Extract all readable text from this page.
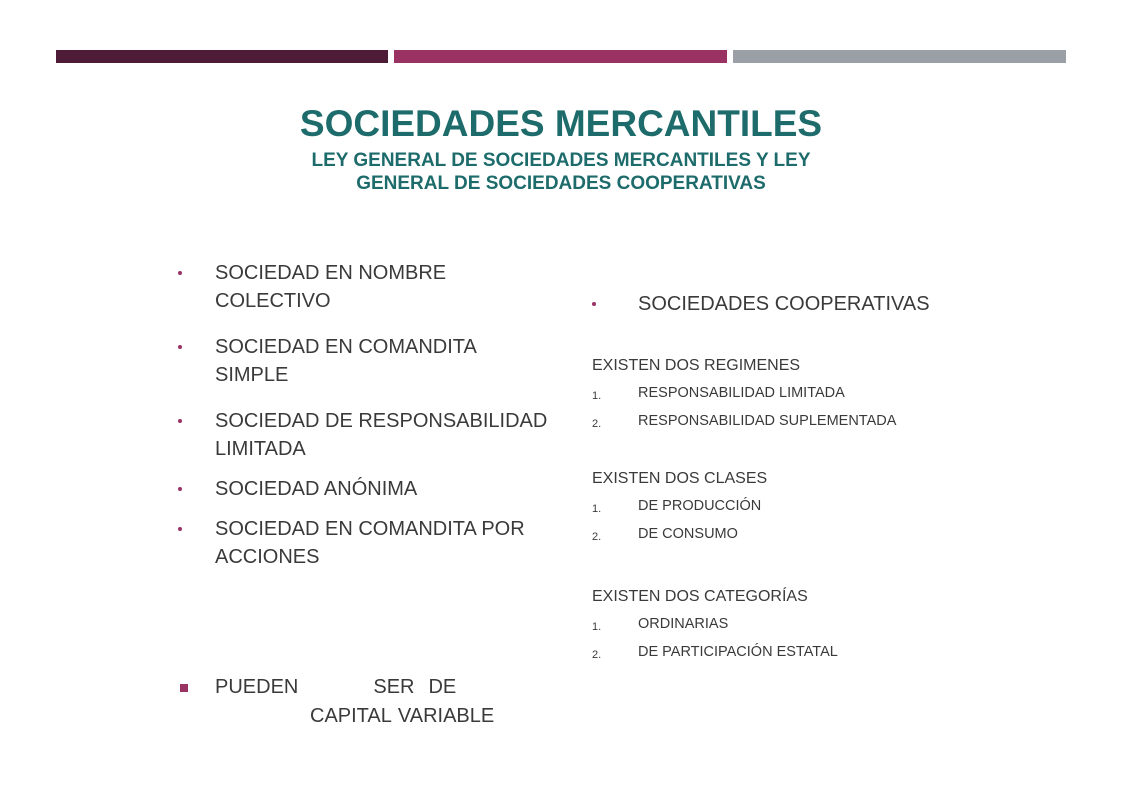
SOCIEDADES MERCANTILES
LEY GENERAL DE SOCIEDADES MERCANTILES Y LEY GENERAL DE SOCIEDADES COOPERATIVAS
SOCIEDAD EN NOMBRE COLECTIVO
SOCIEDAD EN COMANDITA SIMPLE
SOCIEDAD DE RESPONSABILIDAD LIMITADA
SOCIEDAD ANÓNIMA
SOCIEDAD EN COMANDITA POR ACCIONES
PUEDEN	SER DE
CAPITAL VARIABLE
SOCIEDADES COOPERATIVAS
EXISTEN DOS REGIMENES
1.	RESPONSABILIDAD LIMITADA
2.	RESPONSABILIDAD SUPLEMENTADA
EXISTEN DOS CLASES
1.	DE PRODUCCIÓN
2.	DE CONSUMO
EXISTEN DOS CATEGORÍAS
1.	ORDINARIAS
2.	DE PARTICIPACIÓN ESTATAL
